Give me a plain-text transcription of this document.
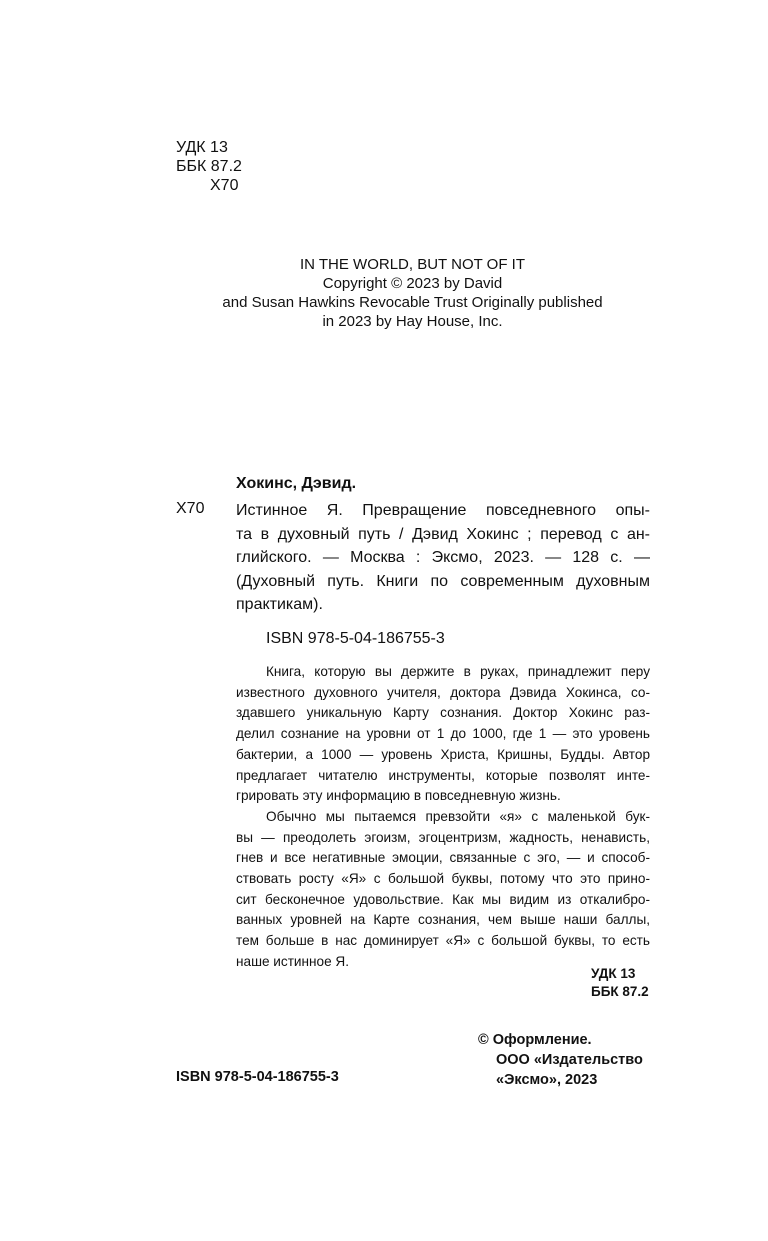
УДК 13
ББК 87.2
Х70
IN THE WORLD, BUT NOT OF IT
Copyright © 2023 by David
and Susan Hawkins Revocable Trust Originally published
in 2023 by Hay House, Inc.
Хокинс, Дэвид.
Х70 Истинное Я. Превращение повседневного опы-
та в духовный путь / Дэвид Хокинс ; перевод с ан-
глийского. — Москва : Эксмо, 2023. — 128 с. —
(Духовный путь. Книги по современным духовным
практикам).
ISBN 978-5-04-186755-3
Книга, которую вы держите в руках, принадлежит перу
известного духовного учителя, доктора Дэвида Хокинса, со-
здавшего уникальную Карту сознания. Доктор Хокинс раз-
делил сознание на уровни от 1 до 1000, где 1 — это уровень
бактерии, а 1000 — уровень Христа, Кришны, Будды. Автор
предлагает читателю инструменты, которые позволят инте-
грировать эту информацию в повседневную жизнь.
Обычно мы пытаемся превзойти «я» с маленькой бук-
вы — преодолеть эгоизм, эгоцентризм, жадность, ненависть,
гнев и все негативные эмоции, связанные с эго, — и способ-
ствовать росту «Я» с большой буквы, потому что это прино-
сит бесконечное удовольствие. Как мы видим из откалибро-
ванных уровней на Карте сознания, чем выше наши баллы,
тем больше в нас доминирует «Я» с большой буквы, то есть
наше истинное Я.
УДК 13
ББК 87.2
© Оформление.
ООО «Издательство
«Эксмо», 2023
ISBN 978-5-04-186755-3
